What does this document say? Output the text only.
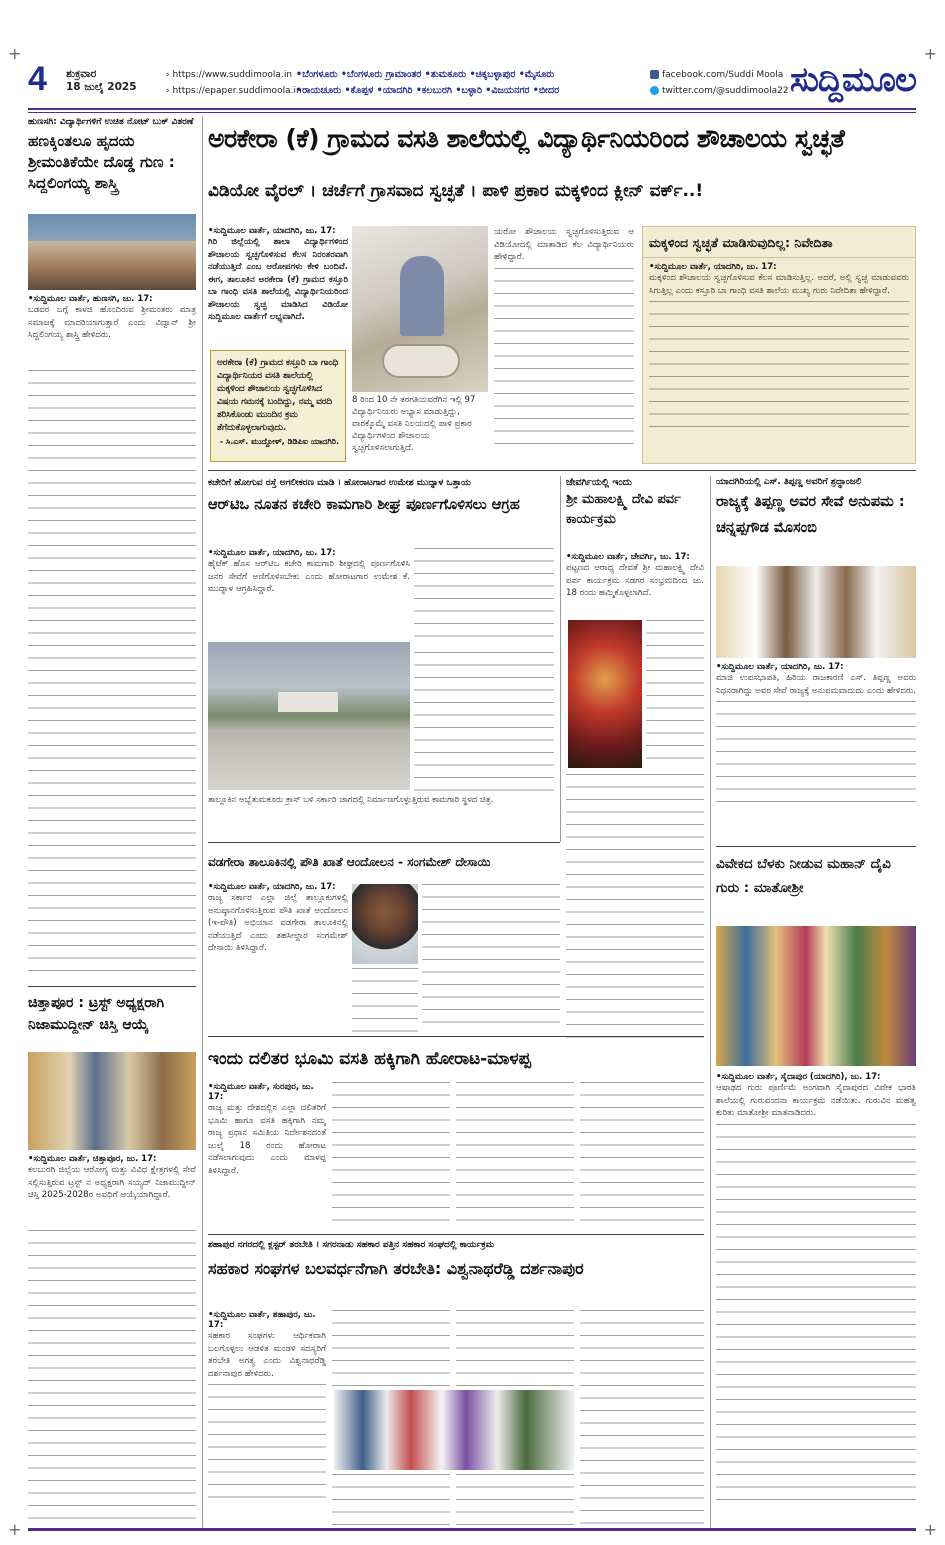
+	+
+	+
4 ಶುಕ್ರವಾರ
18 ಜುಲೈ 2025
› https://www.suddimoola.in
› https://epaper.suddimoola.in
•ಬೆಂಗಳೂರು •ಬೆಂಗಳೂರು ಗ್ರಾಮಾಂತರ •ತುಮಕೂರು •ಚಿಕ್ಕಬಳ್ಳಾಪುರ •ಮೈಸೂರು
•ರಾಯಚೂರು •ಕೊಪ್ಪಳ •ಯಾದಗಿರಿ •ಕಲಬುರಗಿ •ಬಳ್ಳಾರಿ •ವಿಜಯನಗರ •ಬೀದರ
facebook.com/Suddi Moola
twitter.com/@suddimoola22 ಸುದ್ದಿಮೂಲ
ಹುಣಸಗಿ: ವಿದ್ಯಾರ್ಥಿಗಳಿಗೆ ಉಚಿತ ನೋಟ್ ಬುಕ್ ವಿತರಣೆ
ಹಣಕ್ಕಿಂತಲೂ ಹೃದಯ ಶ್ರೀಮಂತಿಕೆಯೇ ದೊಡ್ಡ ಗುಣ : ಸಿದ್ದಲಿಂಗಯ್ಯ ಶಾಸ್ತ್ರಿ
•ಸುದ್ದಿಮೂಲ ವಾರ್ತೆ, ಹುಣಸಗಿ, ಜು. 17:
ಬಡವರ ಬಗ್ಗೆ ಕಾಳಜಿ ಹೊಂದಿರುವ ಶ್ರೀಮಂತರು ಮಾತ್ರ ಸಮಾಜಕ್ಕೆ ಮಾದರಿಯಾಗುತ್ತಾರೆ ಎಂದು ವಿದ್ವಾನ್ ಶ್ರೀ ಸಿದ್ದಲಿಂಗಯ್ಯ ಶಾಸ್ತ್ರಿ ಹೇಳಿದರು.
ಚಿತ್ತಾಪೂರ : ಟ್ರಸ್ಟ್ ಅಧ್ಯಕ್ಷರಾಗಿ ನಿಜಾಮುದ್ದೀನ್ ಚಿಸ್ತಿ ಆಯ್ಕೆ
•ಸುದ್ದಿಮೂಲ ವಾರ್ತೆ, ಚಿತ್ತಾಪೂರ, ಜು. 17:
ಕಲಬುರಗಿ ಜಿಲ್ಲೆಯ ಆರೋಗ್ಯ ಮತ್ತು ವಿವಿಧ ಕ್ಷೇತ್ರಗಳಲ್ಲಿ ಸೇವೆ ಸಲ್ಲಿಸುತ್ತಿರುವ ಟ್ರಸ್ಟ್ ನ ಅಧ್ಯಕ್ಷರಾಗಿ ಸಯ್ಯದ್ ನಿಜಾಮುದ್ದೀನ್ ಚಿಸ್ತಿ 2025-2028ರ ಅವಧಿಗೆ ಆಯ್ಕೆಯಾಗಿದ್ದಾರೆ.
ಅರಕೇರಾ (ಕೆ) ಗ್ರಾಮದ ವಸತಿ ಶಾಲೆಯಲ್ಲಿ ವಿದ್ಯಾರ್ಥಿನಿಯರಿಂದ ಶೌಚಾಲಯ ಸ್ವಚ್ಛತೆ
ವಿಡಿಯೋ ವೈರಲ್ । ಚರ್ಚೆಗೆ ಗ್ರಾಸವಾದ ಸ್ವಚ್ಛತೆ । ಪಾಳಿ ಪ್ರಕಾರ ಮಕ್ಕಳಿಂದ ಕ್ಲೀನ್ ವರ್ಕ್..!
•ಸುದ್ದಿಮೂಲ ವಾರ್ತೆ, ಯಾದಗಿರಿ, ಜು. 17:
ಗಿರಿ ಜಿಲ್ಲೆಯಲ್ಲಿ ಶಾಲಾ ವಿದ್ಯಾರ್ಥಿಗಳಿಂದ ಶೌಚಾಲಯ ಸ್ವಚ್ಛಗೊಳಿಸುವ ಕೆಲಸ ನಿರಂತರವಾಗಿ ನಡೆಯುತ್ತಿದೆ ಎಂಬ ಆರೋಪಗಳು ಕೇಳಿ ಬಂದಿವೆ. ಈಗ, ತಾಲೂಕಿನ ಅರಕೇರಾ (ಕೆ) ಗ್ರಾಮದ ಕಸ್ತೂರಿ ಬಾ ಗಾಂಧಿ ವಸತಿ ಶಾಲೆಯಲ್ಲಿ ವಿದ್ಯಾರ್ಥಿನಿಯರಿಂದ ಶೌಚಾಲಯ ಸ್ವಚ್ಛ ಮಾಡಿಸಿದ ವಿಡಿಯೋ ಸುದ್ದಿಮೂಲ ವಾರ್ತೆಗೆ ಲಭ್ಯವಾಗಿದೆ.
ಅರಕೇರಾ (ಕೆ) ಗ್ರಾಮದ ಕಸ್ತೂರಿ ಬಾ ಗಾಂಧಿ ವಿದ್ಯಾರ್ಥಿನಿಯರ ವಸತಿ ಶಾಲೆಯಲ್ಲಿ ಮಕ್ಕಳಿಂದ ಶೌಚಾಲಯ ಸ್ವಚ್ಛಗೊಳಿಸಿದ ವಿಷಯ ಗಮನಕ್ಕೆ ಬಂದಿದ್ದು, ನಮ್ಮ ವರದಿ ತರಿಸಿಕೊಂಡು ಮುಂದಿನ ಕ್ರಮ ತೆಗೆದುಕೊಳ್ಳಲಾಗುವುದು.
- ಸಿ.ಎಸ್. ಮುದ್ದೋಳ್, ಡಿಡಿಪಿಐ ಯಾದಗಿರಿ.
8 ರಿಂದ 10 ನೇ ತರಗತಿಯವರೆಗಿನ ಇಲ್ಲಿ 97 ವಿದ್ಯಾರ್ಥಿನಿಯರು ಅಭ್ಯಾಸ ಮಾಡುತ್ತಿದ್ದು, ವಾರಕ್ಕೊಮ್ಮೆ ವಸತಿ ನಿಲಯದಲ್ಲಿ ಪಾಳಿ ಪ್ರಕಾರ ವಿದ್ಯಾರ್ಥಿಗಳಿಂದ ಶೌಚಾಲಯ ಸ್ವಚ್ಛಗೊಳಿಸಲಾಗುತ್ತಿದೆ.
ಯರೋ ಶೌಚಾಲಯ ಸ್ವಚ್ಛಗೊಳಿಸುತ್ತಿರುವ ಆ ವಿಡಿಯೋದಲ್ಲಿ ಮಾತಾಡಿದ ಕೆಲ ವಿದ್ಯಾರ್ಥಿನಿಯರು ಹೇಳಿದ್ದಾರೆ.
ಮಕ್ಕಳಿಂದ ಸ್ವಚ್ಛತೆ ಮಾಡಿಸುವುದಿಲ್ಲ: ನಿವೇದಿತಾ
•ಸುದ್ದಿಮೂಲ ವಾರ್ತೆ, ಯಾದಗಿರಿ, ಜು. 17:
ಮಕ್ಕಳಿಂದ ಶೌಚಾಲಯ ಸ್ವಚ್ಛಗೊಳಿಸುವ ಕೆಲಸ ಮಾಡಿಸುತ್ತಿಲ್ಲ. ಅದರೆ, ಅಲ್ಲಿ ಸ್ವಚ್ಛ ಮಾಡುವವರು ಸಿಗುತ್ತಿಲ್ಲ ಎಂದು ಕಸ್ತೂರಿ ಬಾ ಗಾಂಧಿ ವಸತಿ ಶಾಲೆಯ ಮುಖ್ಯ ಗುರು ನಿವೇದಿತಾ ಹೇಳಿದ್ದಾರೆ.
ಕಚೇರಿಗೆ ಹೋಗುವ ರಸ್ತೆ ಅಗಲೀಕರಣ ಮಾಡಿ । ಹೋರಾಟಗಾರ ಉಮೇಶ ಮುದ್ನಾಳ ಒತ್ತಾಯ
ಆರ್‌ಟಿಒ ನೂತನ ಕಚೇರಿ ಕಾಮಗಾರಿ ಶೀಘ್ರ ಪೂರ್ಣಗೊಳಿಸಲು ಆಗ್ರಹ
•ಸುದ್ದಿಮೂಲ ವಾರ್ತೆ, ಯಾದಗಿರಿ, ಜು. 17:
ಹೈಟೆಕ್ ಹೊಸ ಆರ್‌ಟಿಒ ಕಚೇರಿ ಕಾಮಗಾರಿ ಶೀಘ್ರದಲ್ಲಿ ಪೂರ್ಣಗೊಳಿಸಿ ಜನರ ಸೇವೆಗೆ ಅಣಿಗೊಳಿಸಬೇಕು ಎಂದು ಹೋರಾಟಗಾರ ಉಮೇಶ ಕೆ. ಮುದ್ನಾಳ ಆಗ್ರಹಿಸಿದ್ದಾರೆ.
ತಾಲ್ಲೂಕಿನ ಅಬ್ಬೆತುಮಕೂರು ಕ್ರಾಸ್ ಬಳಿ ಸರ್ಕಾರಿ ಜಾಗದಲ್ಲಿ ನಿರ್ಮಾಣಗೊಳ್ಳುತ್ತಿರುವ ಕಾಮಗಾರಿ ಸ್ಥಳದ ಚಿತ್ರ.
ಜೇವರ್ಗಿಯಲ್ಲಿ ಇಂದು
ಶ್ರೀ ಮಹಾಲಕ್ಷ್ಮಿ ದೇವಿ ಪರ್ವ ಕಾರ್ಯಕ್ರಮ
•ಸುದ್ದಿಮೂಲ ವಾರ್ತೆ, ಜೇವರ್ಗಿ, ಜು. 17:
ಪಟ್ಟಣದ ಆರಾಧ್ಯ ದೇವತೆ ಶ್ರೀ ಮಹಾಲಕ್ಷ್ಮಿ ದೇವಿ ಪರ್ವ ಕಾರ್ಯಕ್ರಮ ಸಡಗರ ಸಂಭ್ರಮದಿಂದ ಜು. 18 ರಂದು ಹಮ್ಮಿಕೊಳ್ಳಲಾಗಿದೆ.
ಯಾದಗಿರಿಯಲ್ಲಿ ಎಸ್. ತಿಪ್ಪಣ್ಣ ಅವರಿಗೆ ಶ್ರದ್ಧಾಂಜಲಿ
ರಾಜ್ಯಕ್ಕೆ ತಿಪ್ಪಣ್ಣ ಅವರ ಸೇವೆ ಅನುಪಮ : ಚನ್ನಪ್ಪಗೌಡ ಮೊಸಂಬಿ
•ಸುದ್ದಿಮೂಲ ವಾರ್ತೆ, ಯಾದಗಿರಿ, ಜು. 17:
ಮಾಜಿ ಉಪಸಭಾಪತಿ, ಹಿರಿಯ ರಾಜಕಾರಣಿ ಎಸ್. ತಿಪ್ಪಣ್ಣ ಅವರು ನಿಧನರಾಗಿದ್ದು ಅವರ ಸೇವೆ ರಾಜ್ಯಕ್ಕೆ ಅನುಪಮವಾದುದು ಎಂದು ಹೇಳಿದರು.
ವಡಗೇರಾ ತಾಲೂಕಿನಲ್ಲಿ ಪೌತಿ ಖಾತೆ ಆಂದೋಲನ - ಸಂಗಮೇಶ್ ದೇಸಾಯಿ
•ಸುದ್ದಿಮೂಲ ವಾರ್ತೆ, ಯಾದಗಿರಿ, ಜು. 17:
ರಾಜ್ಯ ಸರ್ಕಾರ ಎಲ್ಲಾ ಜಿಲ್ಲೆ ತಾಲ್ಲೂಕುಗಳಲ್ಲಿ ಅನುಷ್ಠಾನಗೊಳಿಸುತ್ತಿರುವ ಪೌತಿ ಖಾತೆ ಆಂದೋಲನ (ಇ-ಪೌತಿ) ಅಭಿಯಾನ ವಡಗೇರಾ ತಾಲೂಕಿನಲ್ಲಿ ನಡೆಯುತ್ತಿದೆ ಎಂದು ತಹಸೀಲ್ದಾರ ಸಂಗಮೇಶ್ ದೇಸಾಯಿ ತಿಳಿಸಿದ್ದಾರೆ.
ವಿವೇಕದ ಬೆಳಕು ನೀಡುವ ಮಹಾನ್ ದೈವಿ ಗುರು : ಮಾತೋಶ್ರೀ
•ಸುದ್ದಿಮೂಲ ವಾರ್ತೆ, ಸೈದಾಪುರ (ಯಾದಗಿರಿ), ಜು. 17:
ಆಷಾಢದ ಗುರು ಪೂರ್ಣಿಮೆ ಅಂಗವಾಗಿ ಸೈದಾಪುರದ ವಿವೇಕ ಭಾರತಿ ಶಾಲೆಯಲ್ಲಿ ಗುರುವಂದನಾ ಕಾರ್ಯಕ್ರಮ ನಡೆಯಿತು. ಗುರುವಿನ ಮಹತ್ವ ಕುರಿತು ಮಾತೋಶ್ರೀ ಮಾತನಾಡಿದರು.
ಇಂದು ದಲಿತರ ಭೂಮಿ ವಸತಿ ಹಕ್ಕಿಗಾಗಿ ಹೋರಾಟ-ಮಾಳಪ್ಪ
•ಸುದ್ದಿಮೂಲ ವಾರ್ತೆ, ಸುರಪುರ, ಜು. 17:
ರಾಜ್ಯ ಮತ್ತು ದೇಶದಲ್ಲಿನ ಎಲ್ಲಾ ದಲಿತರಿಗೆ ಭೂಮಿ ಹಾಗೂ ವಸತಿ ಹಕ್ಕಿಗಾಗಿ ನಮ್ಮ ರಾಜ್ಯ ಪ್ರಧಾನ ಸಮಿತಿಯ ನಿರ್ದೇಶನದಂತೆ ಜುಲೈ 18 ರಂದು ಹೋರಾಟ ನಡೆಸಲಾಗುವುದು ಎಂದು ಮಾಳಪ್ಪ ತಿಳಿಸಿದ್ದಾರೆ.
ಶಹಾಪುರ ನಗರದಲ್ಲಿ ಕ್ಲಸ್ಟರ್ ತರಬೇತಿ । ಸಗರನಾಡು ಸಹಕಾರ ಪತ್ತಿನ ಸಹಕಾರ ಸಂಘದಲ್ಲಿ ಕಾರ್ಯಕ್ರಮ
ಸಹಕಾರ ಸಂಘಗಳ ಬಲವರ್ಧನೆಗಾಗಿ ತರಬೇತಿ: ವಿಶ್ವನಾಥರೆಡ್ಡಿ ದರ್ಶನಾಪುರ
•ಸುದ್ದಿಮೂಲ ವಾರ್ತೆ, ಶಹಾಪುರ, ಜು. 17:
ಸಹಕಾರ ಸಂಘಗಳು ಆರ್ಥಿಕವಾಗಿ ಬಲಗೊಳ್ಳಲು ಆಡಳಿತ ಮಂಡಳಿ ಸದಸ್ಯರಿಗೆ ತರಬೇತಿ ಅಗತ್ಯ ಎಂದು ವಿಶ್ವನಾಥರೆಡ್ಡಿ ದರ್ಶನಾಪುರ ಹೇಳಿದರು.
